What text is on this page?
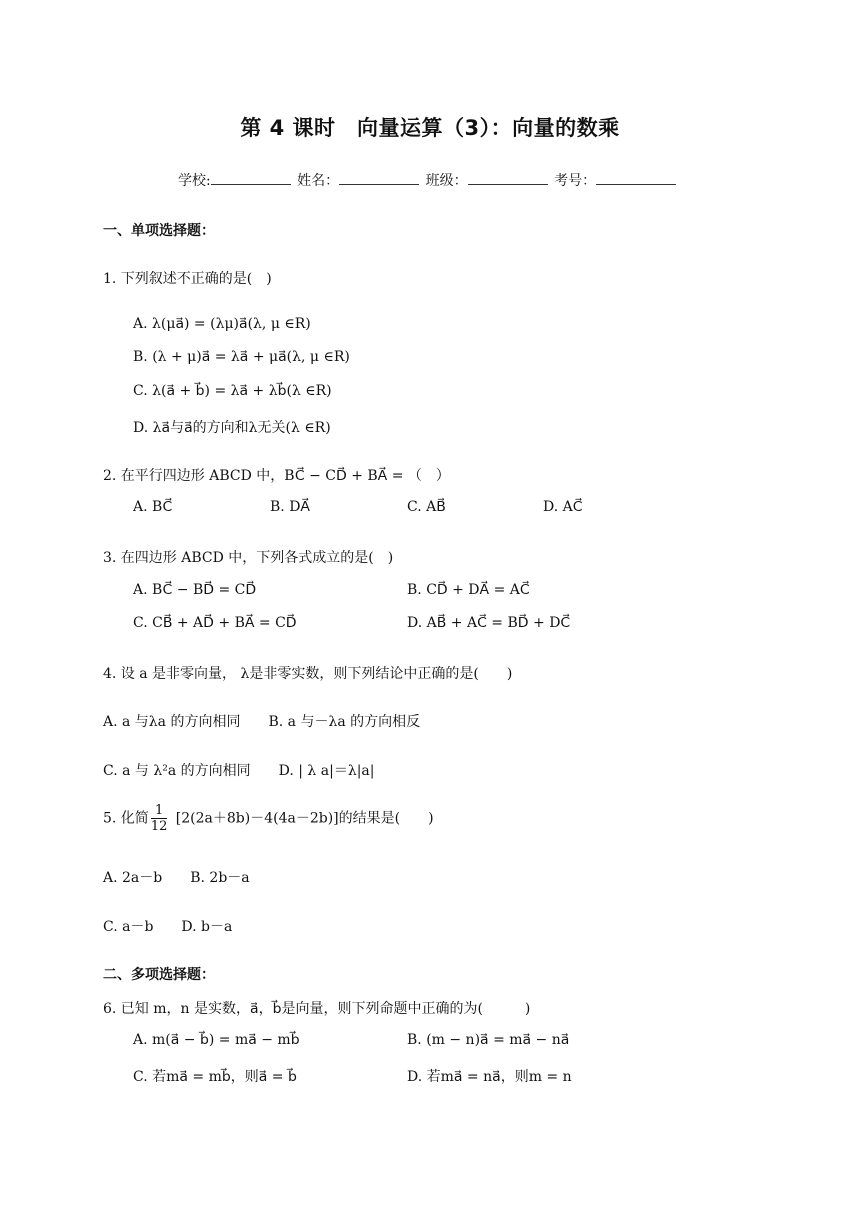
第 4 课时　向量运算（3）：向量的数乘
学校:	姓名：	班级：	考号：
一、单项选择题：
1. 下列叙述不正确的是(　)
A. λ(μa⃗) = (λμ)a⃗(λ, μ ∈R)
B. (λ + μ)a⃗ = λa⃗ + μa⃗(λ, μ ∈R)
C. λ(a⃗ + b⃗) = λa⃗ + λb⃗(λ ∈R)
D. λa⃗与a⃗的方向和λ无关(λ ∈R)
2. 在平行四边形 ABCD 中，BC⃗ − CD⃗ + BA⃗ = （　）
A. BC⃗	B. DA⃗	C. AB⃗	D. AC⃗
3. 在四边形 ABCD 中，下列各式成立的是(　)
A. BC⃗ − BD⃗ = CD⃗	B. CD⃗ + DA⃗ = AC⃗
C. CB⃗ + AD⃗ + BA⃗ = CD⃗	D. AB⃗ + AC⃗ = BD⃗ + DC⃗
4. 设 a 是非零向量， λ是非零实数，则下列结论中正确的是(　　)
A. a 与λa 的方向相同　　B. a 与－λa 的方向相反
C. a 与 λ²a 的方向相同　　D. | λ a|＝λ|a|
5. 化简 $\frac{1}{12} [2(2a+8b)-4(4a-2b)]$的结果是(　　)
A. 2a－b　　B. 2b－a
C. a－b　　D. b－a
二、多项选择题：
6. 已知 m，n 是实数，a⃗，b⃗是向量，则下列命题中正确的为(　　　)
A. m(a⃗ − b⃗) = ma⃗ − mb⃗	B. (m − n)a⃗ = ma⃗ − na⃗
C. 若ma⃗ = mb⃗，则a⃗ = b⃗	D. 若ma⃗ = na⃗，则m = n
